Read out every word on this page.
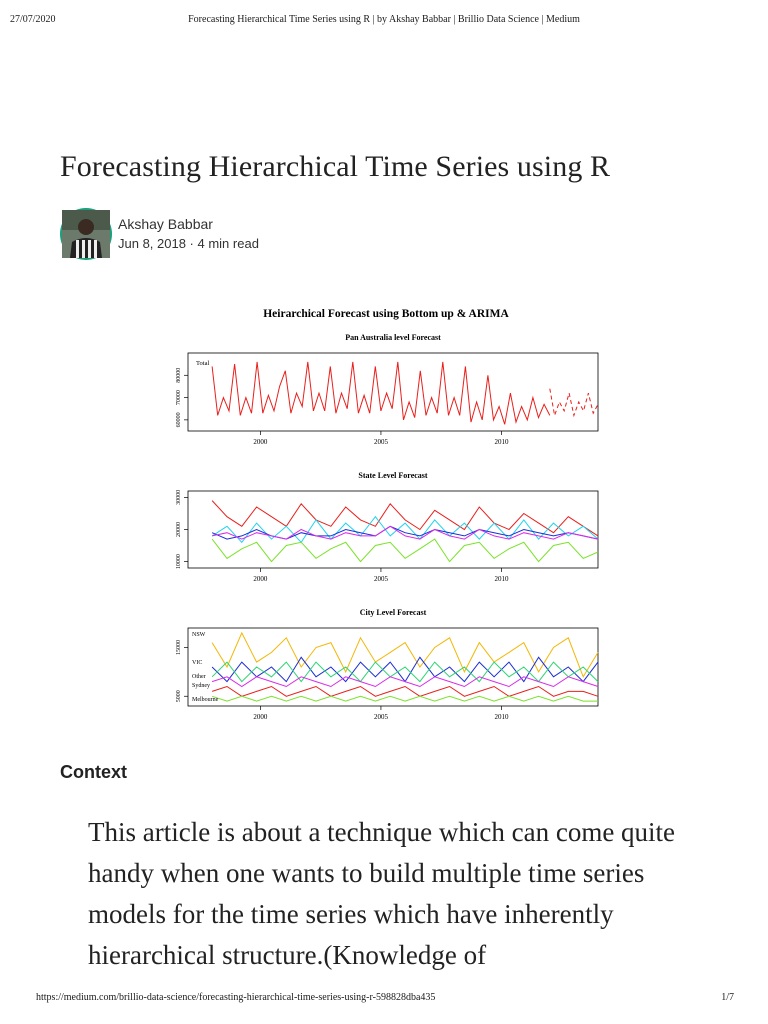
27/07/2020	Forecasting Hierarchical Time Series using R | by Akshay Babbar | Brillio Data Science | Medium
Forecasting Hierarchical Time Series using R
Akshay Babbar
Jun 8, 2018 · 4 min read
Heirarchical Forecast using Bottom up & ARIMA
Pan Australia level Forecast
2000	2005	2010
60000
70000
80000
Total
State Level Forecast
2000	2005	2010
10000
20000
30000
City Level Forecast
2000	2005	2010
5000
15000
NSW
VIC
Other
Sydney
Melbourne
Context

This article is about a technique which can come quite handy when one wants to build multiple time series models for the time series which have inherently hierarchical structure.(Knowledge of

https://medium.com/brillio-data-science/forecasting-hierarchical-time-series-using-r-598828dba435	1/7
